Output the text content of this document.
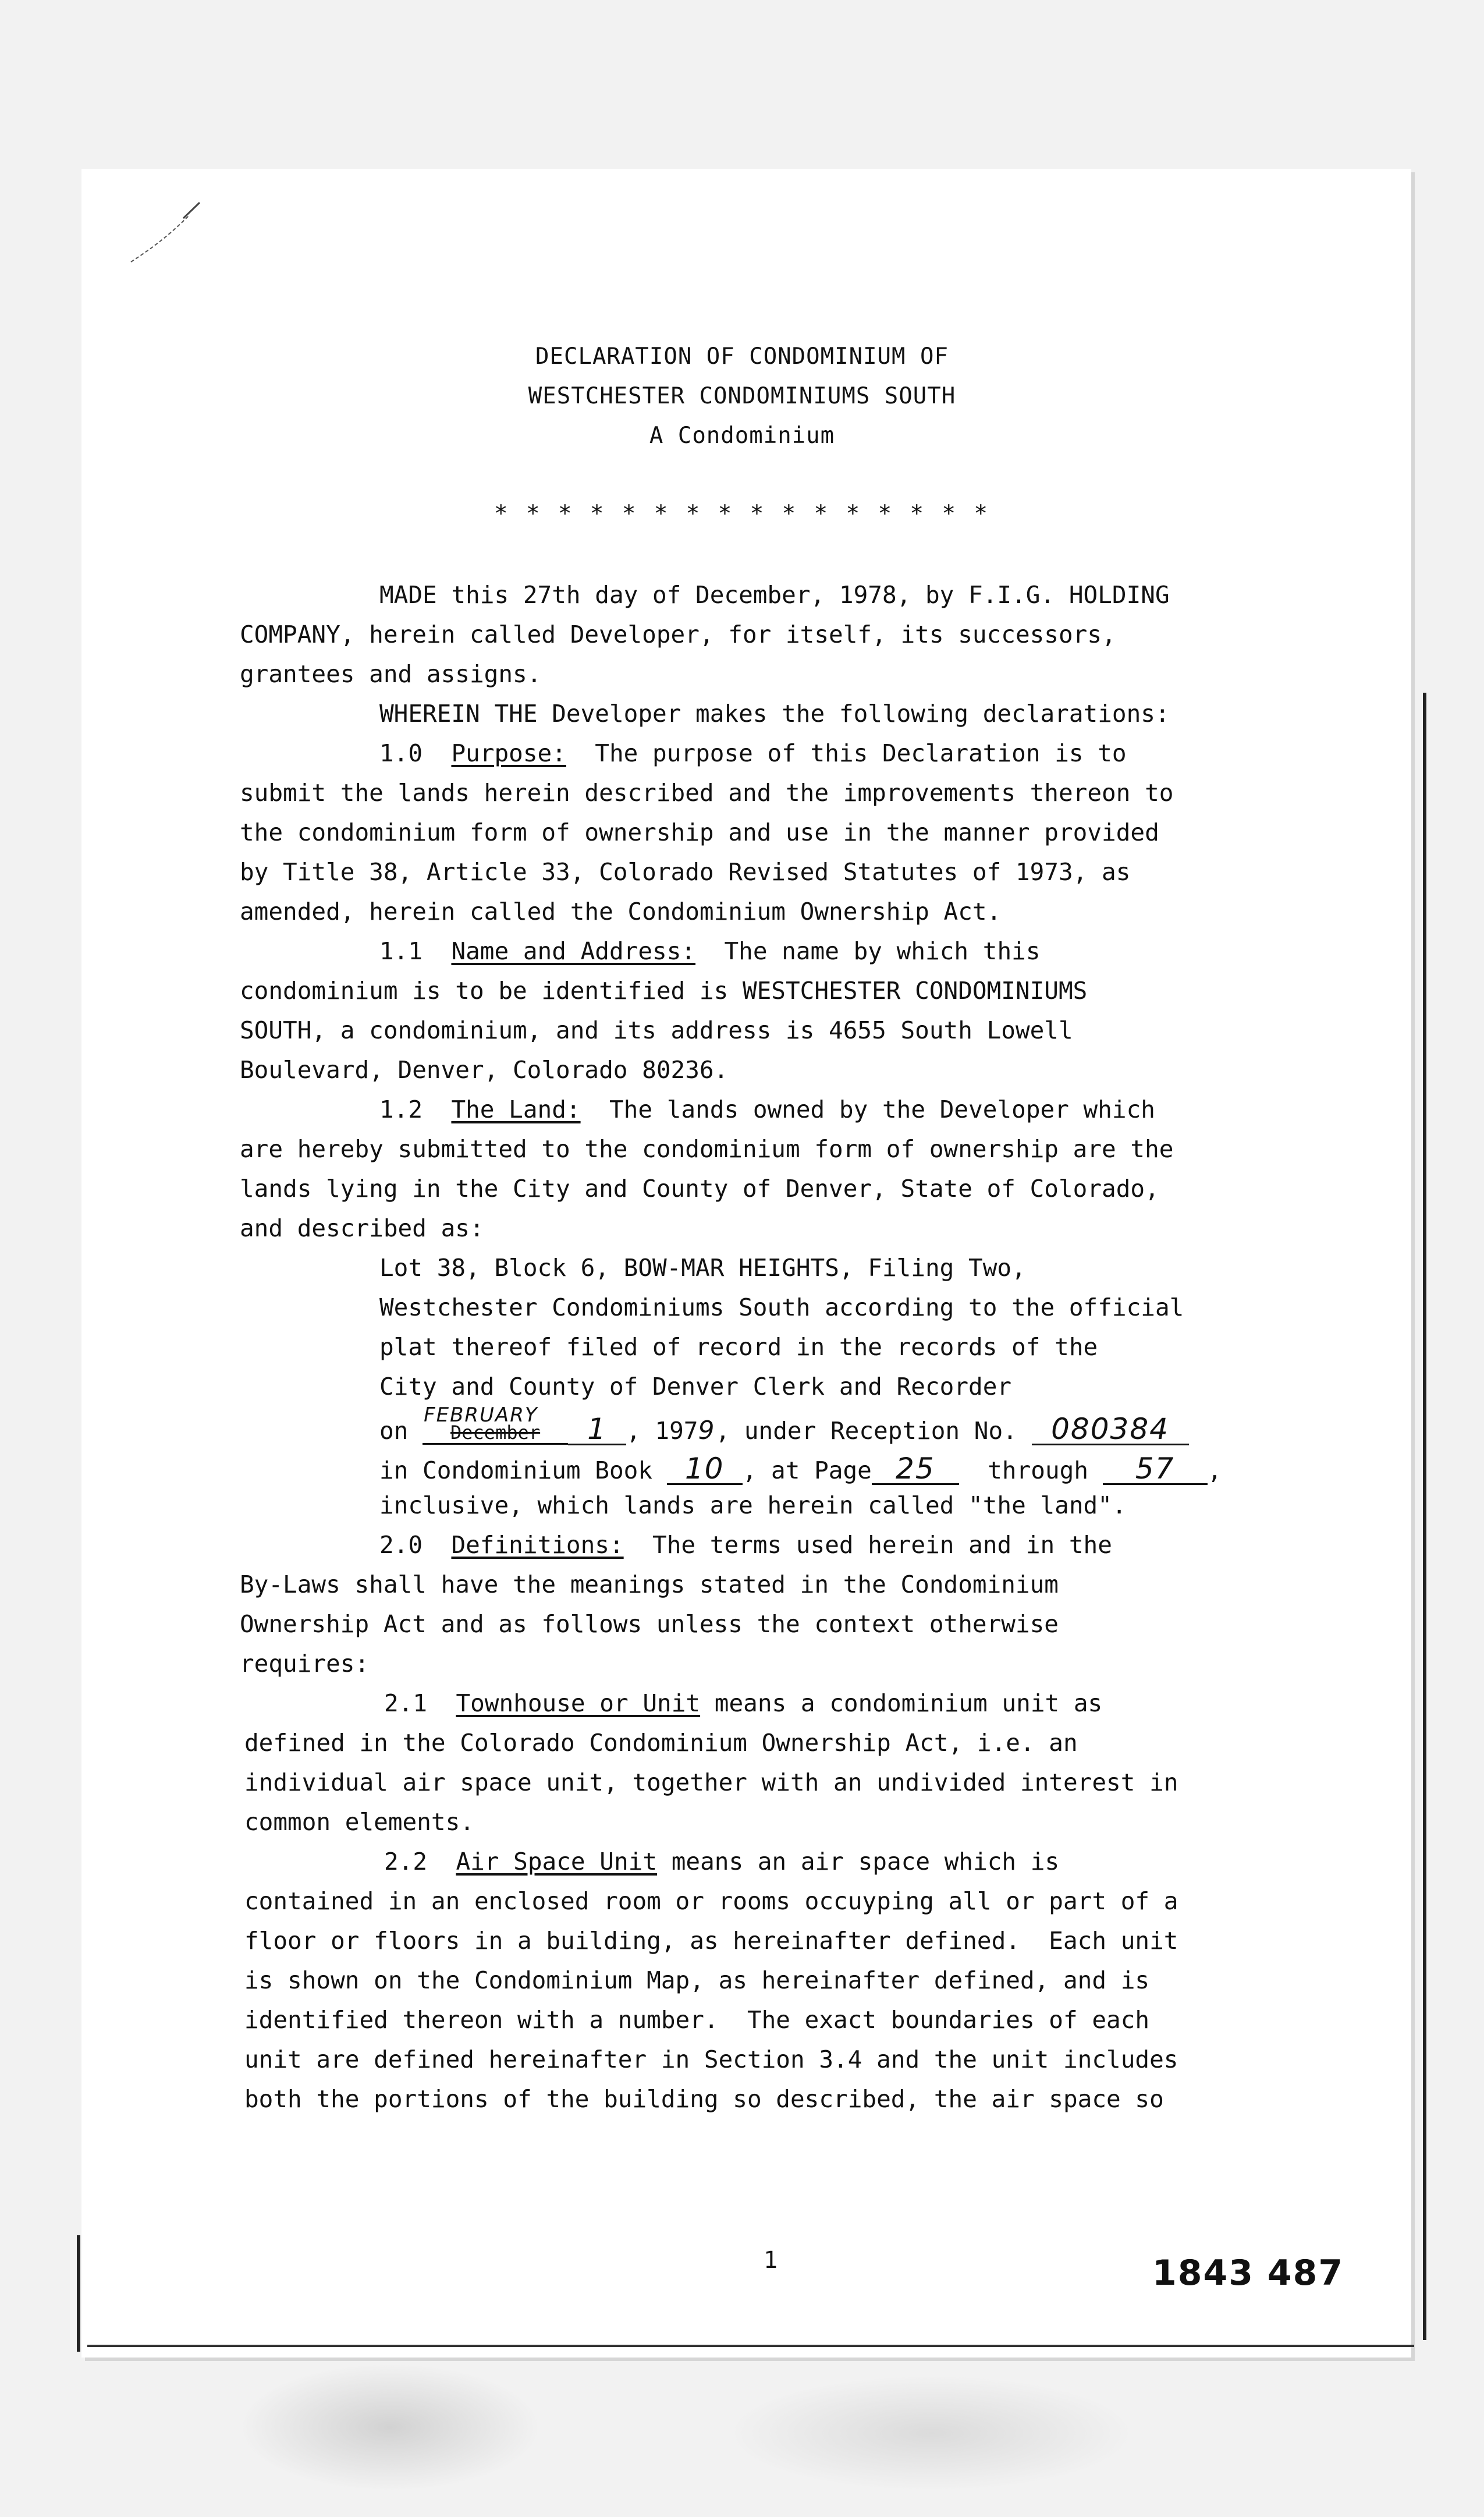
DECLARATION OF CONDOMINIUM OF
WESTCHESTER CONDOMINIUMS SOUTH
A Condominium
* * * * * * * * * * * * * * * *
MADE this 27th day of December, 1978, by F.I.G. HOLDING
COMPANY, herein called Developer, for itself, its successors,
grantees and assigns.
WHEREIN THE Developer makes the following declarations:
1.0 Purpose: The purpose of this Declaration is to
submit the lands herein described and the improvements thereon to
the condominium form of ownership and use in the manner provided
by Title 38, Article 33, Colorado Revised Statutes of 1973, as
amended, herein called the Condominium Ownership Act.
1.1 Name and Address: The name by which this
condominium is to be identified is WESTCHESTER CONDOMINIUMS
SOUTH, a condominium, and its address is 4655 South Lowell
Boulevard, Denver, Colorado 80236.
1.2 The Land: The lands owned by the Developer which
are hereby submitted to the condominium form of ownership are the
lands lying in the City and County of Denver, State of Colorado,
and described as:
Lot 38, Block 6, BOW-MAR HEIGHTS, Filing Two,
Westchester Condominiums South according to the official
plat thereof filed of record in the records of the
City and County of Denver Clerk and Recorder
on
FEBRUARY
December 1 , 1979, under Reception No. 080384
in Condominium Book 10 , at Page 25 through 57 ,
inclusive, which lands are herein called "the land".
2.0 Definitions: The terms used herein and in the
By-Laws shall have the meanings stated in the Condominium
Ownership Act and as follows unless the context otherwise
requires:
2.1 Townhouse or Unit means a condominium unit as
defined in the Colorado Condominium Ownership Act, i.e. an
individual air space unit, together with an undivided interest in
common elements.
2.2 Air Space Unit means an air space which is
contained in an enclosed room or rooms occuyping all or part of a
floor or floors in a building, as hereinafter defined.  Each unit
is shown on the Condominium Map, as hereinafter defined, and is
identified thereon with a number.  The exact boundaries of each
unit are defined hereinafter in Section 3.4 and the unit includes
both the portions of the building so described, the air space so
1	1843 487
